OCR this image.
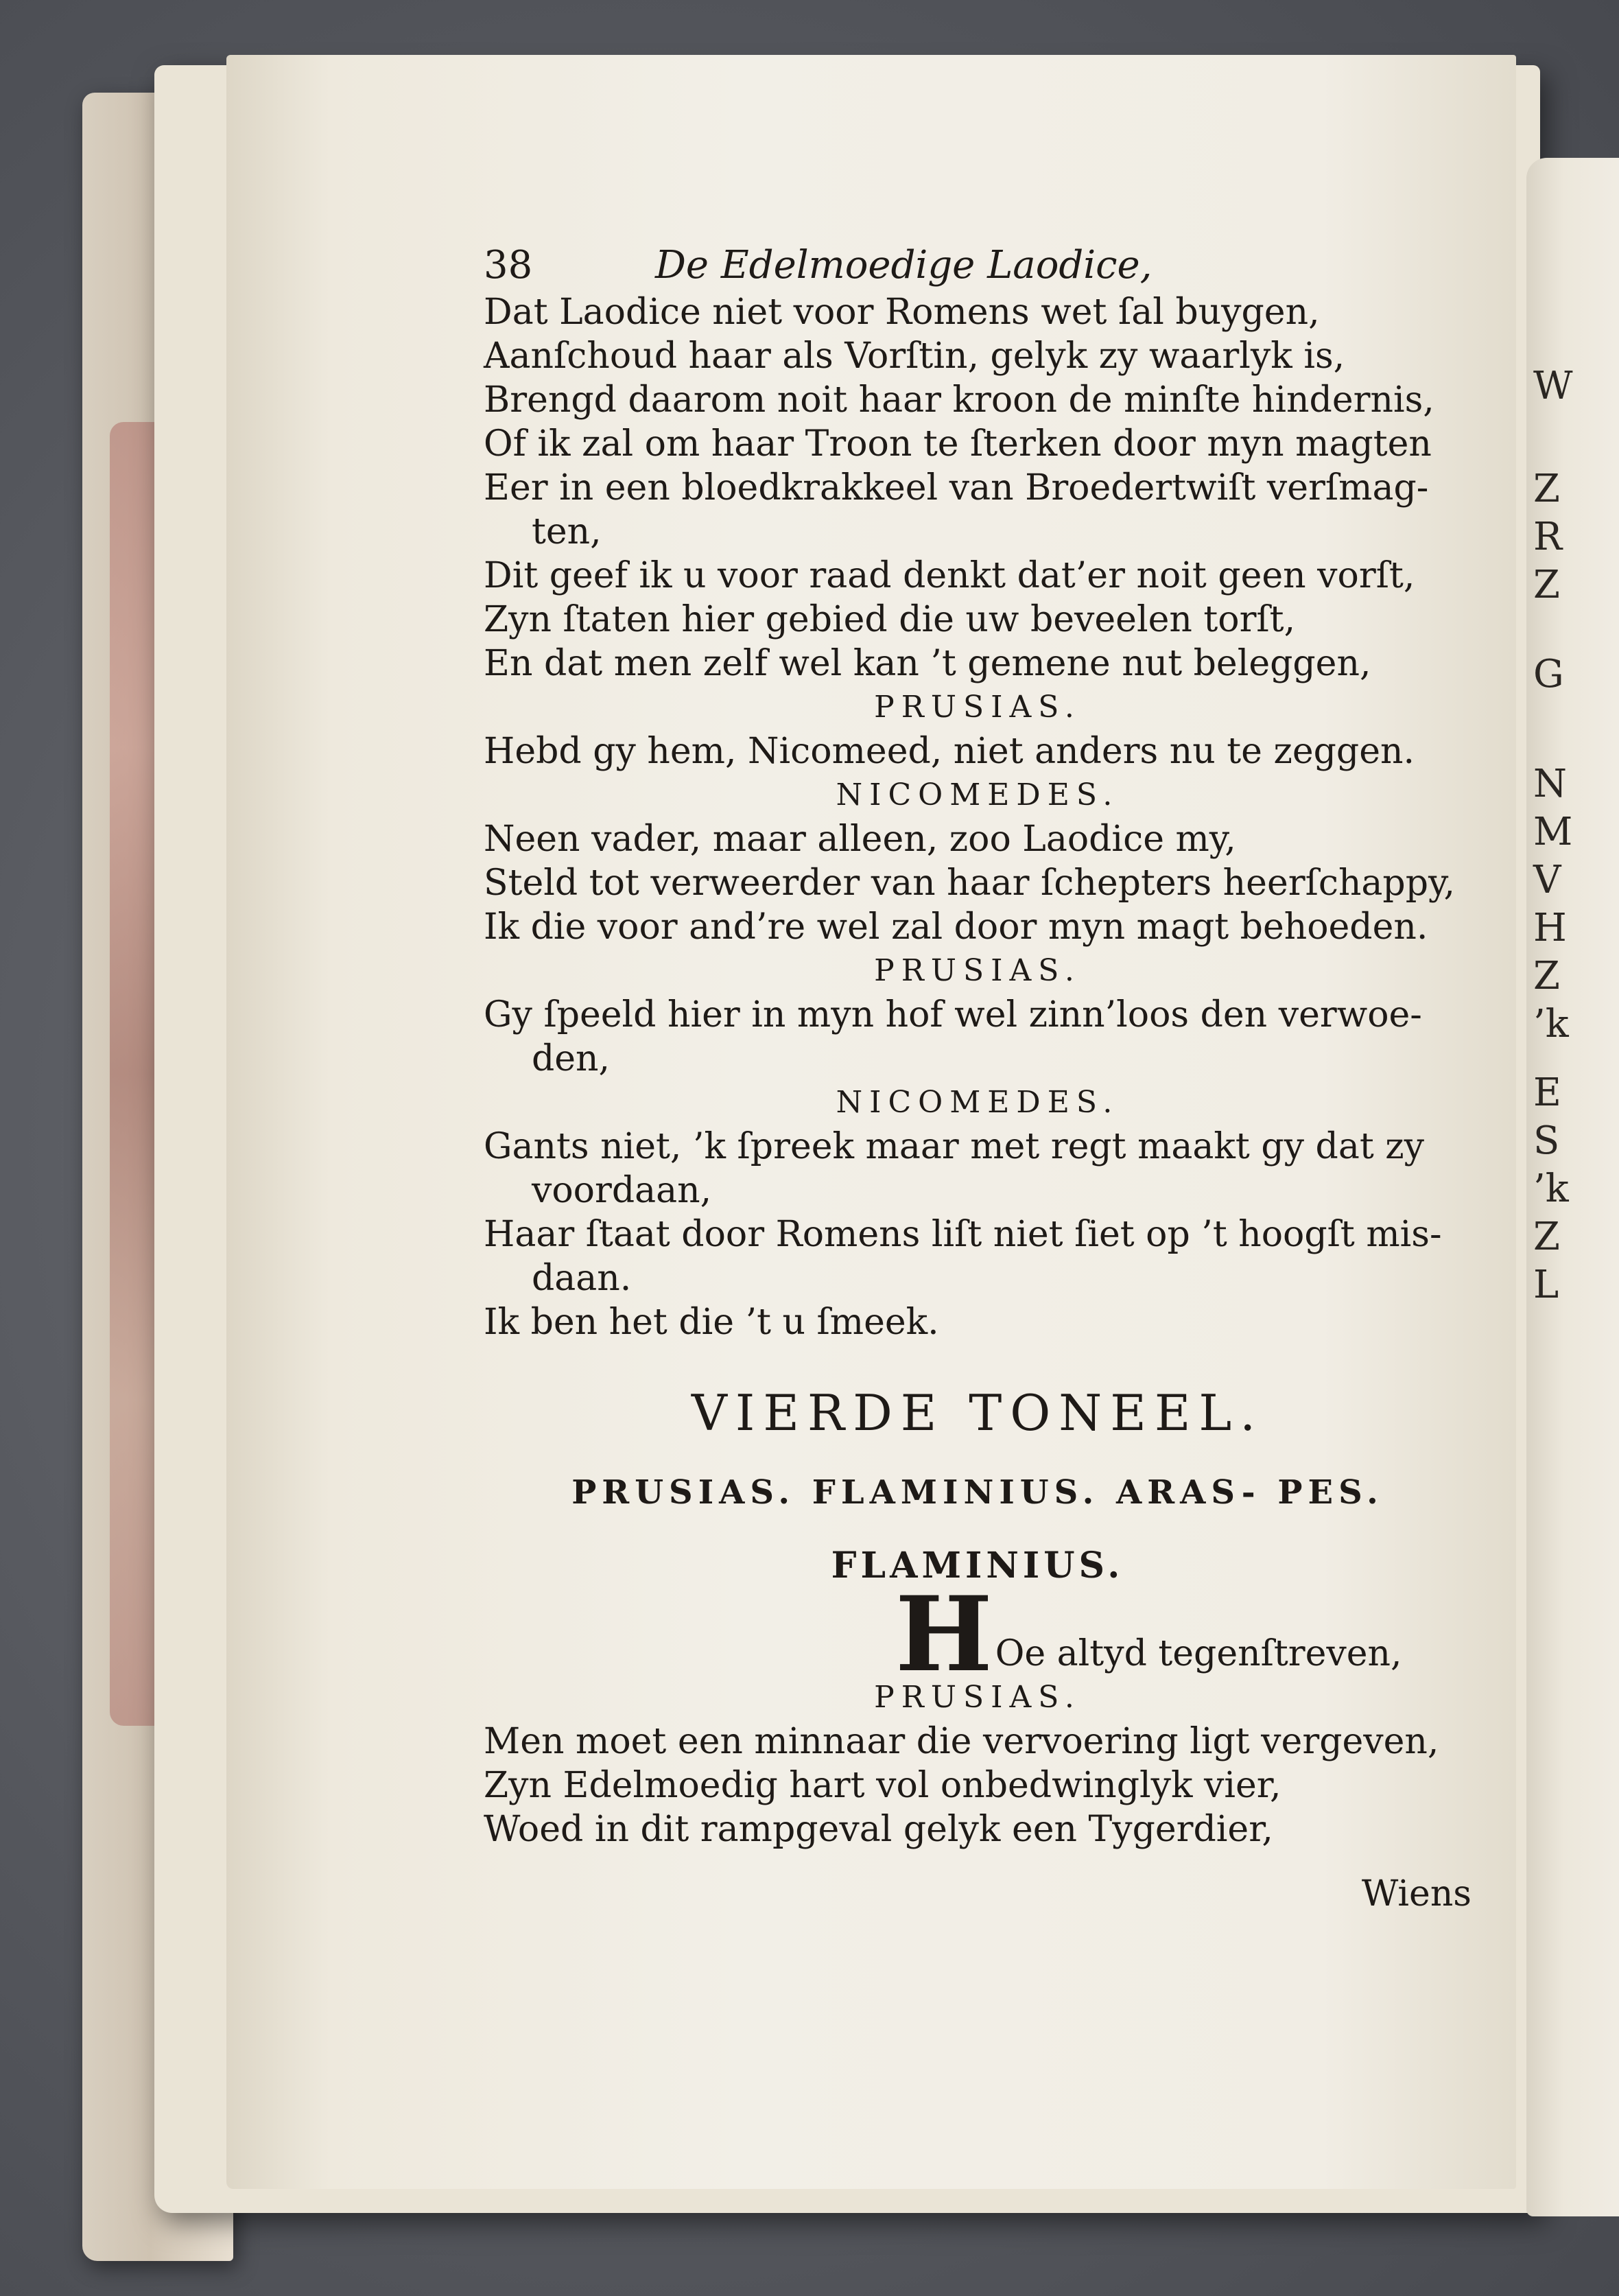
W
Z
R
Z
G
N
M
V
H
Z
’k
E
S
’k
Z
L
38	De Edelmoedige Laodice,
Dat Laodice niet voor Romens wet ſal buygen,
Aanſchoud haar als Vorſtin, gelyk zy waarlyk is,
Brengd daarom noit haar kroon de minſte hindernis,
Of ik zal om haar Troon te ſterken door myn magten
Eer in een bloedkrakkeel van Broedertwiſt verſmag-
ten,
Dit geef ik u voor raad denkt dat’er noit geen vorſt,
Zyn ſtaten hier gebied die uw beveelen torſt,
En dat men zelf wel kan ’t gemene nut beleggen,
PRUSIAS.
Hebd gy hem, Nicomeed, niet anders nu te zeggen.
NICOMEDES.
Neen vader, maar alleen, zoo Laodice my,
Steld tot verweerder van haar ſchepters heerſchappy,
Ik die voor and’re wel zal door myn magt behoeden.
PRUSIAS.
Gy ſpeeld hier in myn hof wel zinn’loos den verwoe-
den,
NICOMEDES.
Gants niet, ’k ſpreek maar met regt maakt gy dat zy
voordaan,
Haar ſtaat door Romens liſt niet ſiet op ’t hoogſt mis-
daan.
Ik ben het die ’t u ſmeek.
VIERDE TONEEL.
PRUSIAS. FLAMINIUS. ARAS- PES.
FLAMINIUS.
H Oe altyd tegenſtreven,
PRUSIAS.
Men moet een minnaar die vervoering ligt vergeven,
Zyn Edelmoedig hart vol onbedwinglyk vier,
Woed in dit rampgeval gelyk een Tygerdier,
Wiens
